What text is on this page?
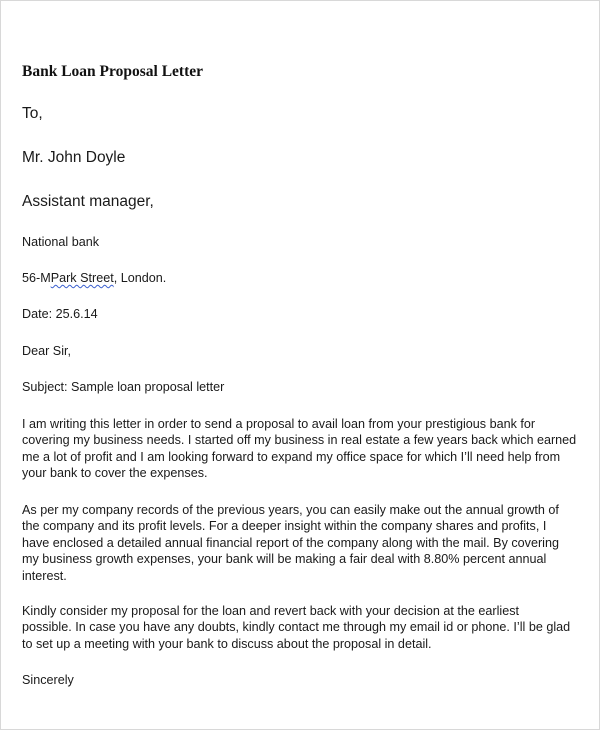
Bank Loan Proposal Letter

To,

Mr. John Doyle

Assistant manager,

National bank

56-MPark Street, London.

Date: 25.6.14

Dear Sir,

Subject: Sample loan proposal letter

I am writing this letter in order to send a proposal to avail loan from your prestigious bank for
covering my business needs. I started off my business in real estate a few years back which earned
me a lot of profit and I am looking forward to expand my office space for which I’ll need help from
your bank to cover the expenses.
As per my company records of the previous years, you can easily make out the annual growth of
the company and its profit levels. For a deeper insight within the company shares and profits, I
have enclosed a detailed annual financial report of the company along with the mail. By covering
my business growth expenses, your bank will be making a fair deal with 8.80% percent annual
interest.
Kindly consider my proposal for the loan and revert back with your decision at the earliest
possible. In case you have any doubts, kindly contact me through my email id or phone. I’ll be glad
to set up a meeting with your bank to discuss about the proposal in detail.

Sincerely
